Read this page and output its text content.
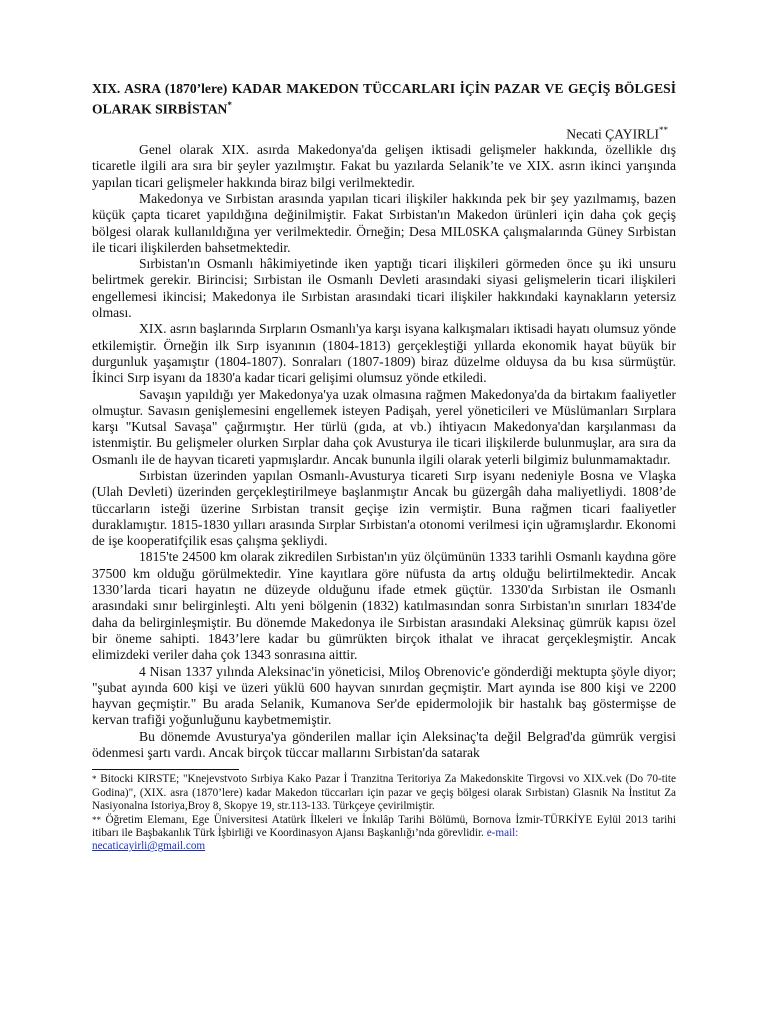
XIX. ASRA (1870’lere) KADAR MAKEDON TÜCCARLARI İÇİN PAZAR VE GEÇİŞ BÖLGESİ OLARAK SIRBİSTAN*
Necati ÇAYIRLI**

Genel olarak XIX. asırda Makedonya'da gelişen iktisadi gelişmeler hakkında, özellikle dış ticaretle ilgili ara sıra bir şeyler yazılmıştır. Fakat bu yazılarda Selanik’te ve XIX. asrın ikinci yarışında yapılan ticari gelişmeler hakkında biraz bilgi verilmektedir.

Makedonya ve Sırbistan arasında yapılan ticari ilişkiler hakkında pek bir şey yazılmamış, bazen küçük çapta ticaret yapıldığına değinilmiştir. Fakat Sırbistan'ın Makedon ürünleri için daha çok geçiş bölgesi olarak kullanıldığına yer verilmektedir. Örneğin; Desa MIL0SKA çalışmalarında Güney Sırbistan ile ticari ilişkilerden bahsetmektedir.

Sırbistan'ın Osmanlı hâkimiyetinde iken yaptığı ticari ilişkileri görmeden önce şu iki unsuru belirtmek gerekir. Birincisi; Sırbistan ile Osmanlı Devleti arasındaki siyasi gelişmelerin ticari ilişkileri engellemesi ikincisi; Makedonya ile Sırbistan arasındaki ticari ilişkiler hakkındaki kaynakların yetersiz olması.

XIX. asrın başlarında Sırpların Osmanlı'ya karşı isyana kalkışmaları iktisadi hayatı olumsuz yönde etkilemiştir. Örneğin ilk Sırp isyanının (1804-1813) gerçekleştiği yıllarda ekonomik hayat büyük bir durgunluk yaşamıştır (1804-1807). Sonraları (1807-1809) biraz düzelme olduysa da bu kısa sürmüştür. İkinci Sırp isyanı da 1830'a kadar ticari gelişimi olumsuz yönde etkiledi.

Savaşın yapıldığı yer Makedonya'ya uzak olmasına rağmen Makedonya'da da birtakım faaliyetler olmuştur. Savasın genişlemesini engellemek isteyen Padişah, yerel yöneticileri ve Müslümanları Sırplara karşı "Kutsal Savaşa" çağırmıştır. Her türlü (gıda, at vb.) ihtiyacın Makedonya'dan karşılanması da istenmiştir. Bu gelişmeler olurken Sırplar daha çok Avusturya ile ticari ilişkilerde bulunmuşlar, ara sıra da Osmanlı ile de hayvan ticareti yapmışlardır. Ancak bununla ilgili olarak yeterli bilgimiz bulunmamaktadır.

Sırbistan üzerinden yapılan Osmanlı-Avusturya ticareti Sırp isyanı nedeniyle Bosna ve Vlaşka (Ulah Devleti) üzerinden gerçekleştirilmeye başlanmıştır Ancak bu güzergâh daha maliyetliydi. 1808’de tüccarların isteği üzerine Sırbistan transit geçişe izin vermiştir. Buna rağmen ticari faaliyetler duraklamıştır. 1815-1830 yılları arasında Sırplar Sırbistan'a otonomi verilmesi için uğramışlardır. Ekonomi de işe kooperatifçilik esas çalışma şekliydi.

1815'te 24500 km olarak zikredilen Sırbistan'ın yüz ölçümünün 1333 tarihli Osmanlı kaydına göre 37500 km olduğu görülmektedir. Yine kayıtlara göre nüfusta da artış olduğu belirtilmektedir. Ancak 1330’larda ticari hayatın ne düzeyde olduğunu ifade etmek güçtür. 1330'da Sırbistan ile Osmanlı arasındaki sınır belirginleşti. Altı yeni bölgenin (1832) katılmasından sonra Sırbistan'ın sınırları 1834'de daha da belirginleşmiştir. Bu dönemde Makedonya ile Sırbistan arasındaki Aleksinaç gümrük kapısı özel bir öneme sahipti. 1843’lere kadar bu gümrükten birçok ithalat ve ihracat gerçekleşmiştir. Ancak elimizdeki veriler daha çok 1343 sonrasına aittir.

4 Nisan 1337 yılında Aleksinac'in yöneticisi, Miloş Obrenovic'e gönderdiği mektupta şöyle diyor; "şubat ayında 600 kişi ve üzeri yüklü 600 hayvan sınırdan geçmiştir. Mart ayında ise 800 kişi ve 2200 hayvan geçmiştir." Bu arada Selanik, Kumanova Ser'de epidermolojik bir hastalık baş göstermişse de kervan trafiği yoğunluğunu kaybetmemiştir.

Bu dönemde Avusturya'ya gönderilen mallar için Aleksinaç'ta değil Belgrad'da gümrük vergisi ödenmesi şartı vardı. Ancak birçok tüccar mallarını Sırbistan'da satarak

* Bitocki KIRSTE; "Knejevstvoto Sırbiya Kako Pazar İ Tranzitna Teritoriya Za Makedonskite Tirgovsi vo XIX.vek (Do 70-tite Godina)", (XIX. asra (1870’lere) kadar Makedon tüccarları için pazar ve geçiş bölgesi olarak Sırbistan) Glasnik Na İnstitut Za Nasiyonalna Istoriya,Broy 8, Skopye 19, str.113-133. Türkçeye çevirilmiştir.

** Öğretim Elemanı, Ege Üniversitesi Atatürk İlkeleri ve İnkılâp Tarihi Bölümü, Bornova İzmir-TÜRKİYE Eylül 2013 tarihi itibarı ile Başbakanlık Türk İşbirliği ve Koordinasyon Ajansı Başkanlığı’nda görevlidir. e-mail:
necaticayirli@gmail.com
